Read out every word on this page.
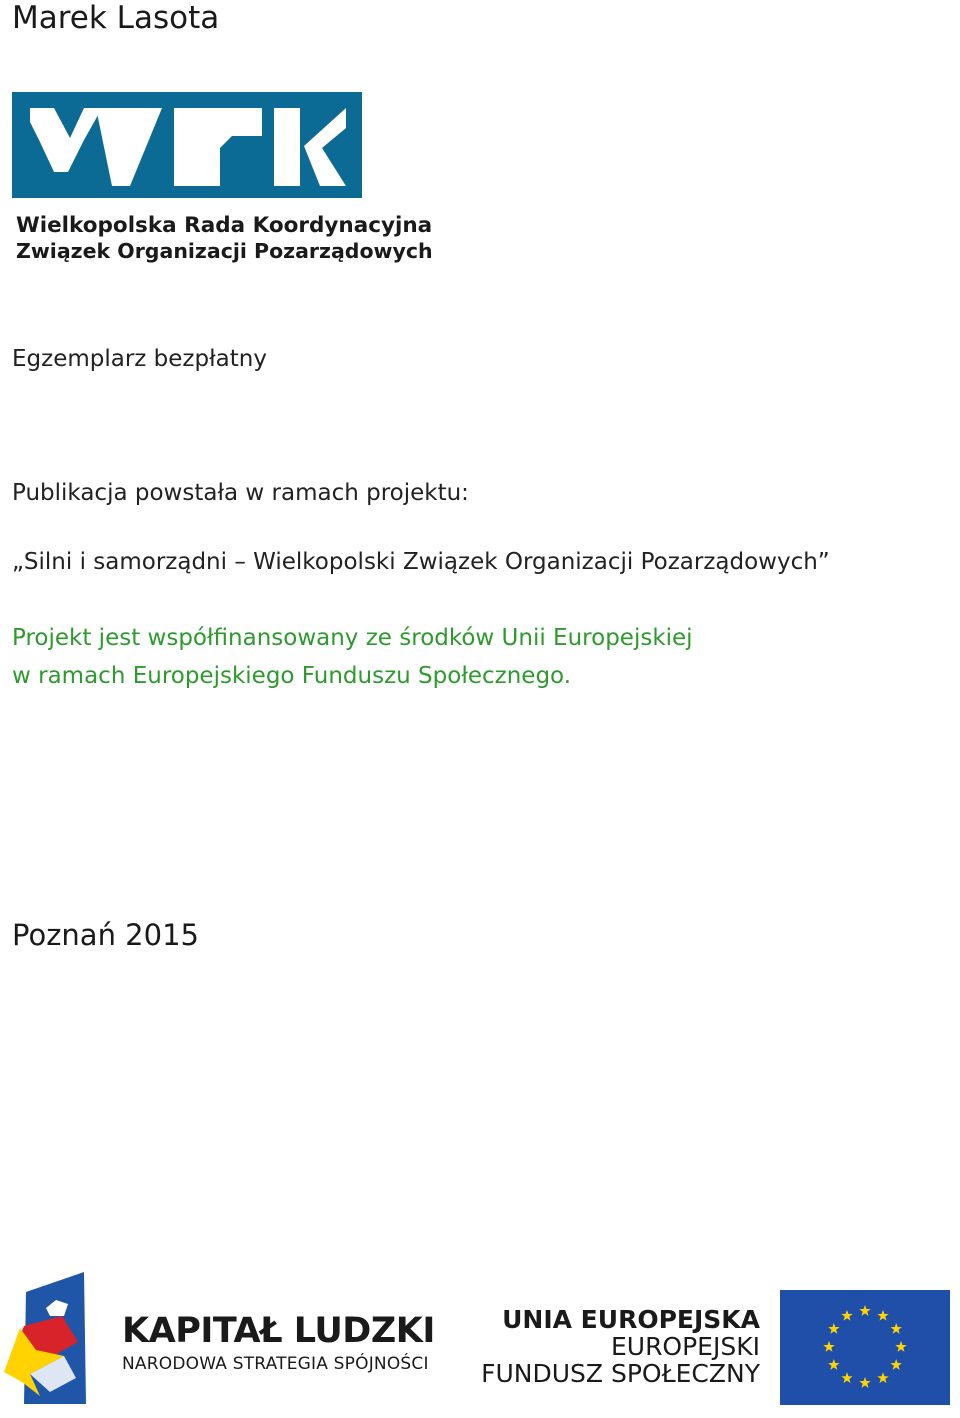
Marek Lasota
Wielkopolska Rada Koordynacyjna
Związek Organizacji Pozarządowych
Egzemplarz bezpłatny
Publikacja powstała w ramach projektu:
„Silni i samorządni – Wielkopolski Związek Organizacji Pozarządowych”
Projekt jest współfinansowany ze środków Unii Europejskiej
w ramach Europejskiego Funduszu Społecznego.
Poznań 2015
KAPITAŁ LUDZKI
NARODOWA STRATEGIA SPÓJNOŚCI
UNIA EUROPEJSKA
EUROPEJSKI
FUNDUSZ SPOŁECZNY
